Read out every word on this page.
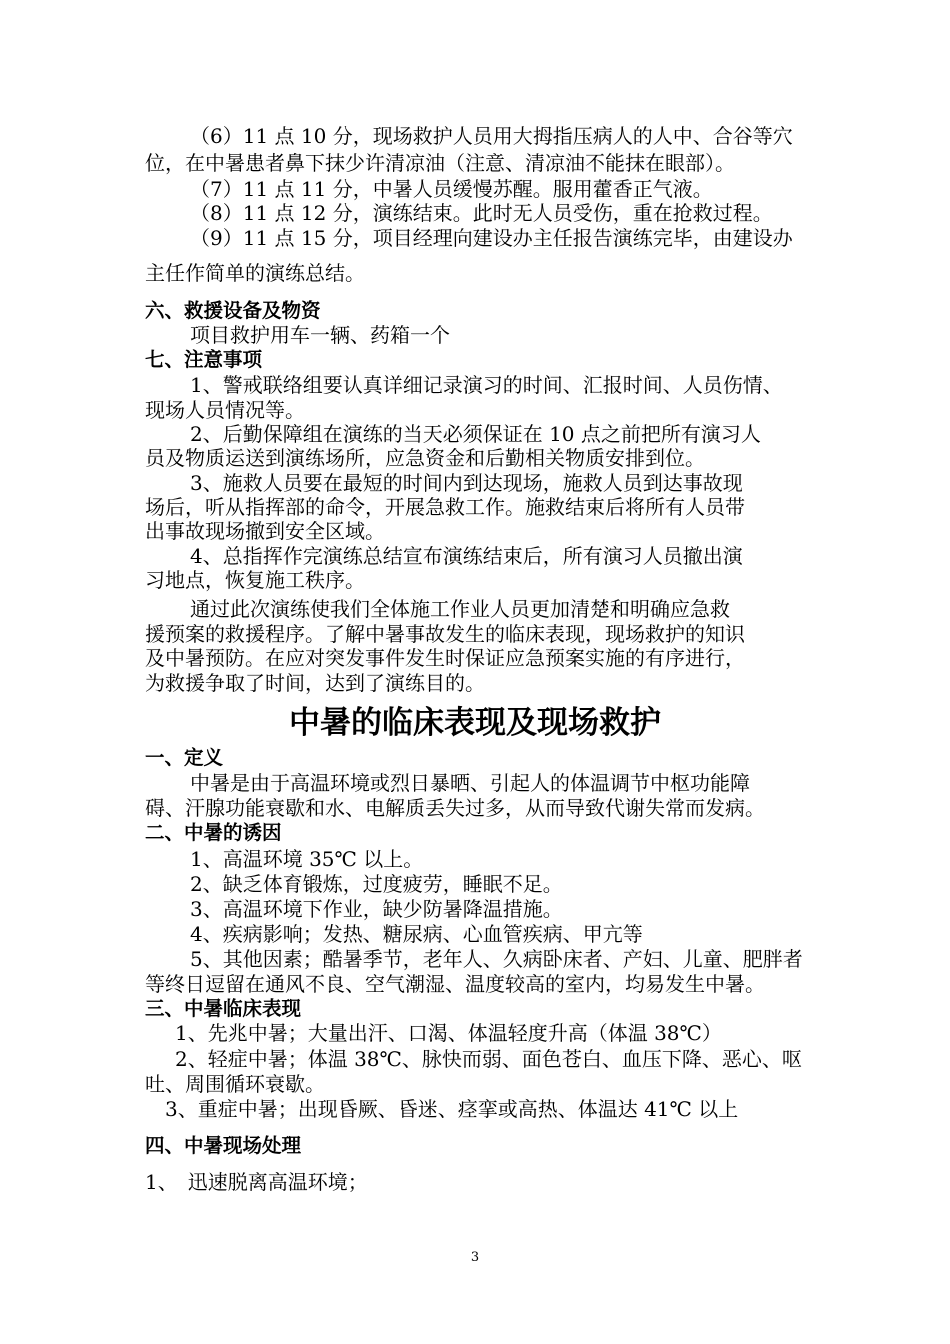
（6）11 点 10 分，现场救护人员用大拇指压病人的人中、合谷等穴

位，在中暑患者鼻下抹少许清凉油（注意、清凉油不能抹在眼部）。

（7）11 点 11 分，中暑人员缓慢苏醒。服用藿香正气液。

（8）11 点 12 分，演练结束。此时无人员受伤，重在抢救过程。

（9）11 点 15 分，项目经理向建设办主任报告演练完毕，由建设办

主任作简单的演练总结。

六、救援设备及物资

项目救护用车一辆、药箱一个

七、注意事项

1、警戒联络组要认真详细记录演习的时间、汇报时间、人员伤情、

现场人员情况等。

2、后勤保障组在演练的当天必须保证在 10 点之前把所有演习人

员及物质运送到演练场所，应急资金和后勤相关物质安排到位。

3、施救人员要在最短的时间内到达现场，施救人员到达事故现

场后，听从指挥部的命令，开展急救工作。施救结束后将所有人员带

出事故现场撤到安全区域。

4、总指挥作完演练总结宣布演练结束后，所有演习人员撤出演

习地点，恢复施工秩序。

通过此次演练使我们全体施工作业人员更加清楚和明确应急救

援预案的救援程序。了解中暑事故发生的临床表现，现场救护的知识

及中暑预防。在应对突发事件发生时保证应急预案实施的有序进行，

为救援争取了时间，达到了演练目的。

中暑的临床表现及现场救护

一、定义

中暑是由于高温环境或烈日暴晒、引起人的体温调节中枢功能障

碍、汗腺功能衰歇和水、电解质丢失过多，从而导致代谢失常而发病。

二、中暑的诱因

1、高温环境 35℃ 以上。

2、缺乏体育锻炼，过度疲劳，睡眠不足。

3、高温环境下作业，缺少防暑降温措施。

4、疾病影响；发热、糖尿病、心血管疾病、甲亢等

5、其他因素；酷暑季节，老年人、久病卧床者、产妇、儿童、肥胖者

等终日逗留在通风不良、空气潮湿、温度较高的室内，均易发生中暑。

三、中暑临床表现

1、先兆中暑；大量出汗、口渴、体温轻度升高（体温 38℃）

2、轻症中暑；体温 38℃、脉快而弱、面色苍白、血压下降、恶心、呕

吐、周围循环衰歇。

3、重症中暑；出现昏厥、昏迷、痉挛或高热、体温达 41℃ 以上

四、中暑现场处理

1、　迅速脱离高温环境；

3
